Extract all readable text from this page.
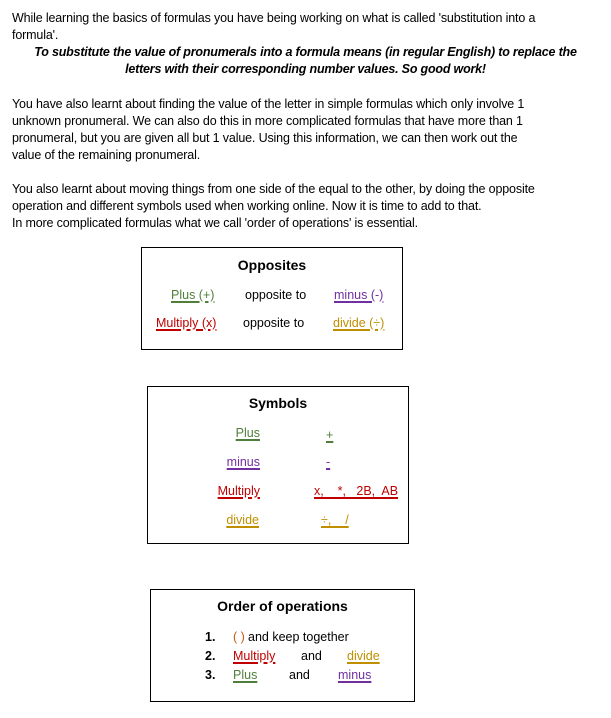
While learning the basics of formulas you have being working on what is called 'substitution into a

formula'.

To substitute the value of pronumerals into a formula means (in regular English) to replace the
letters with their corresponding number values. So good work!

You have also learnt about finding the value of the letter in simple formulas which only involve 1

unknown pronumeral. We can also do this in more complicated formulas that have more than 1

pronumeral, but you are given all but 1 value. Using this information, we can then work out the

value of the remaining pronumeral.

You also learnt about moving things from one side of the equal to the other, by doing the opposite

operation and different symbols used when working online. Now it is time to add to that.

In more complicated formulas what we call 'order of operations' is essential.

Opposites
Plus (+) opposite to minus (-)
Multiply (x) opposite to divide (÷)
Symbols
Plus	+
minus	-
Multiply	x,    *,   2B,  AB
divide	÷,    /
Order of operations
1. ( ) and keep together
2. Multiply and divide
3. Plus	and minus
